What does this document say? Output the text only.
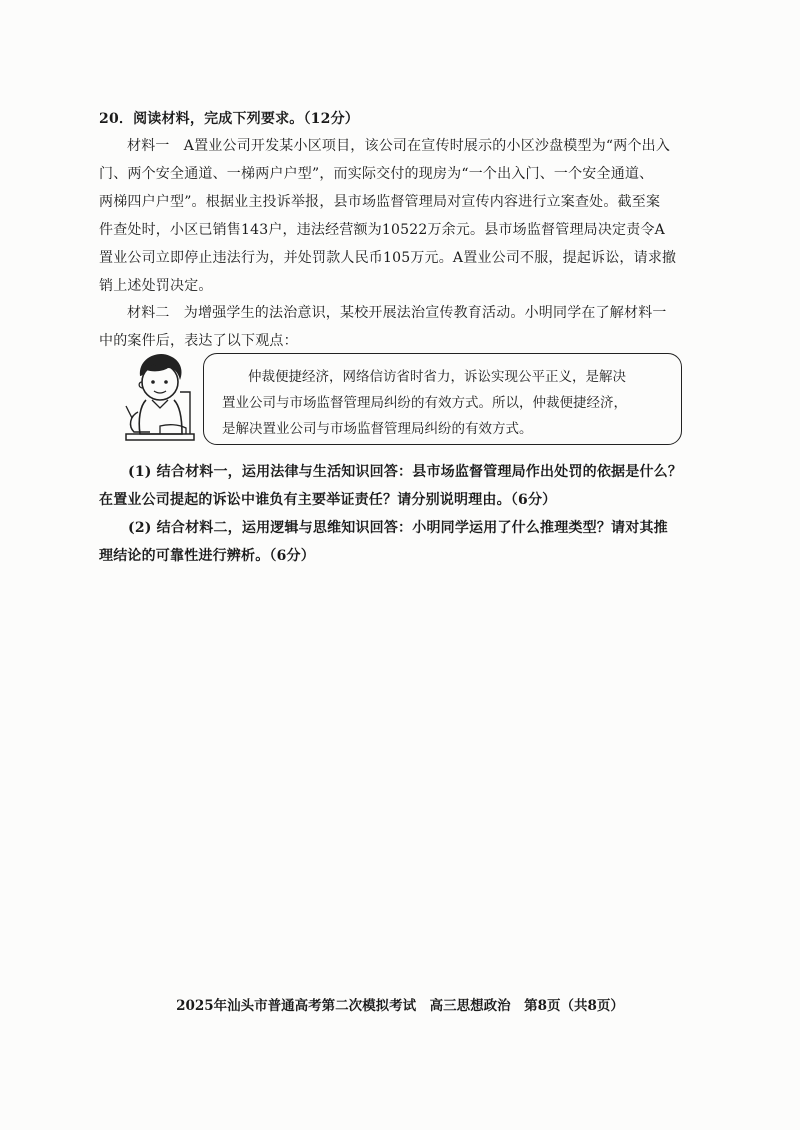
20．阅读材料，完成下列要求。（12分）
材料一　A置业公司开发某小区项目，该公司在宣传时展示的小区沙盘模型为“两个出入
门、两个安全通道、一梯两户户型”，而实际交付的现房为“一个出入门、一个安全通道、
两梯四户户型”。根据业主投诉举报，县市场监督管理局对宣传内容进行立案查处。截至案
件查处时，小区已销售143户，违法经营额为10522万余元。县市场监督管理局决定责令A
置业公司立即停止违法行为，并处罚款人民币105万元。A置业公司不服，提起诉讼，请求撤
销上述处罚决定。
材料二　为增强学生的法治意识，某校开展法治宣传教育活动。小明同学在了解材料一
中的案件后，表达了以下观点：
仲裁便捷经济，网络信访省时省力，诉讼实现公平正义，是解决
置业公司与市场监督管理局纠纷的有效方式。所以，仲裁便捷经济，
是解决置业公司与市场监督管理局纠纷的有效方式。
(1) 结合材料一，运用法律与生活知识回答：县市场监督管理局作出处罚的依据是什么？
在置业公司提起的诉讼中谁负有主要举证责任？请分别说明理由。（6分）
(2) 结合材料二，运用逻辑与思维知识回答：小明同学运用了什么推理类型？请对其推
理结论的可靠性进行辨析。（6分）
2025年汕头市普通高考第二次模拟考试　高三思想政治　第8页（共8页）
